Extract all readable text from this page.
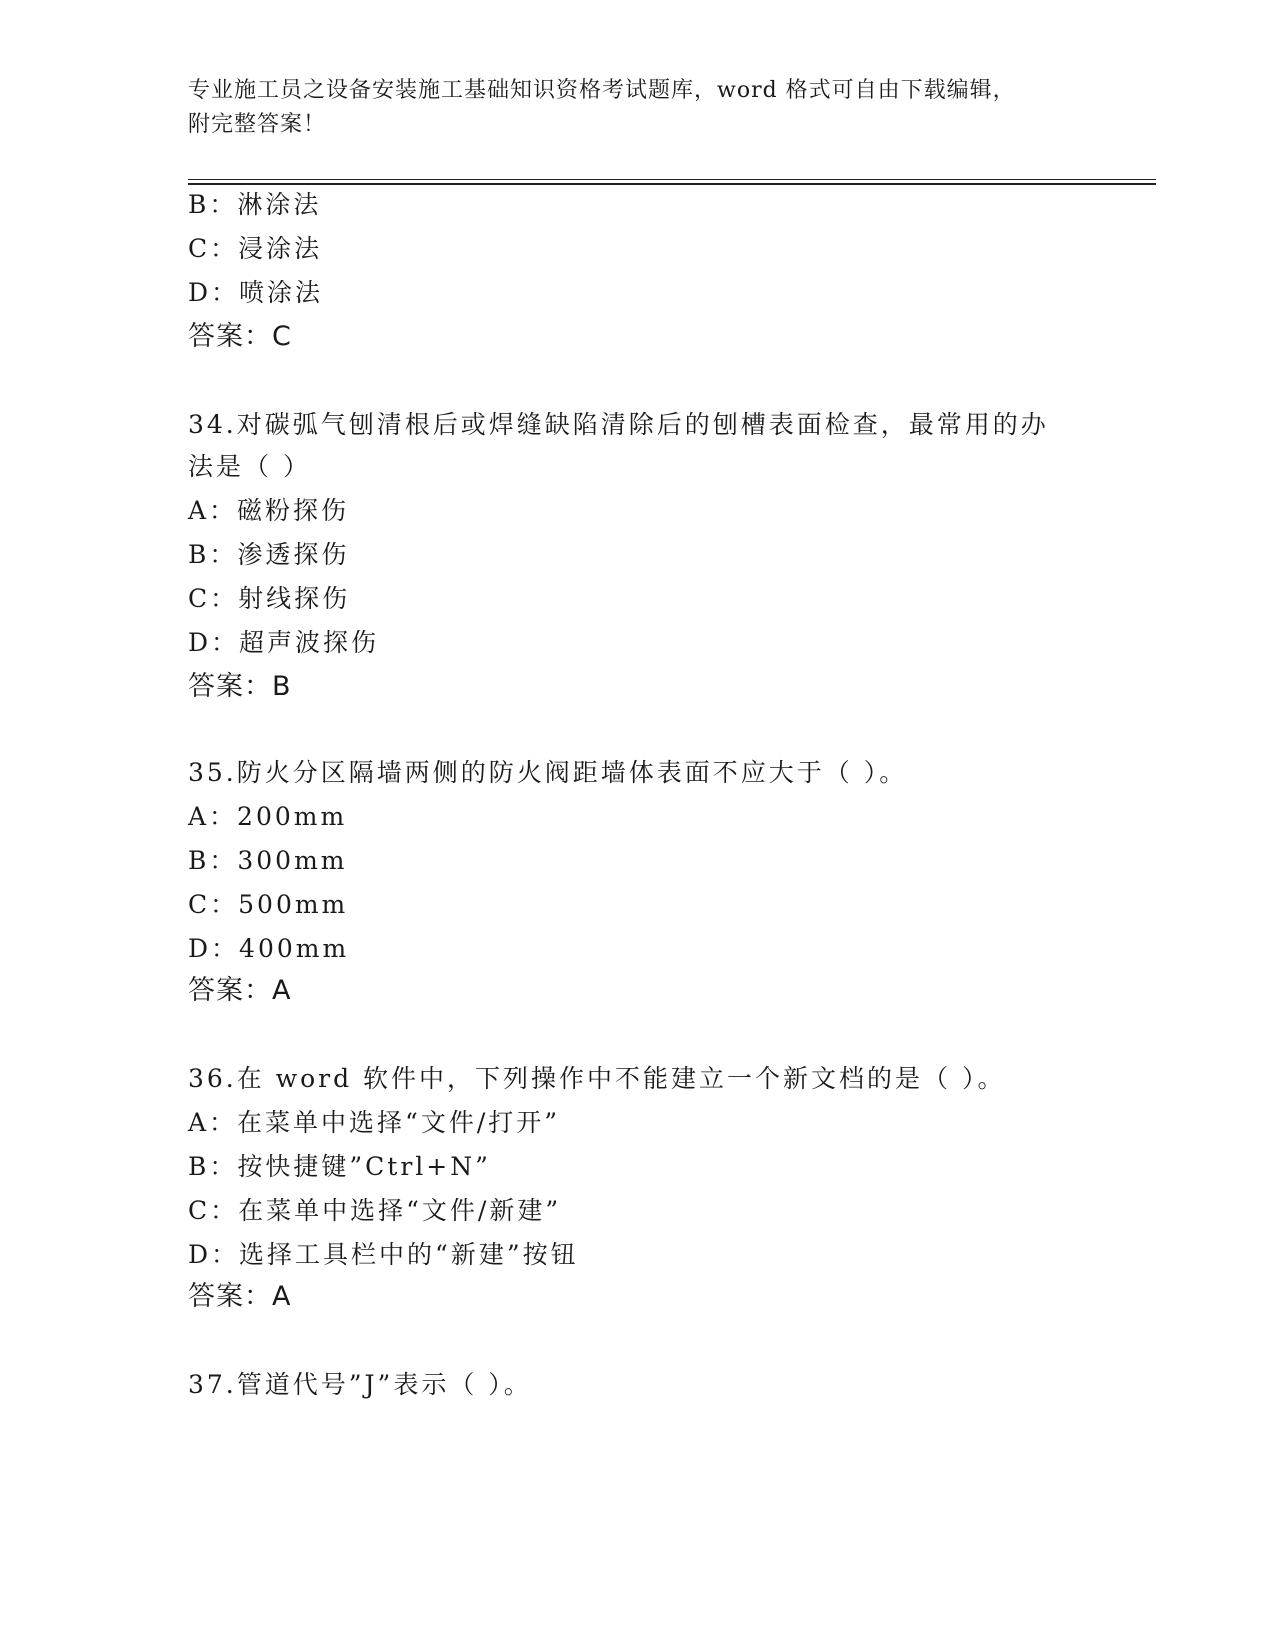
专业施工员之设备安装施工基础知识资格考试题库，word 格式可自由下载编辑，
附完整答案！
B：淋涂法
C：浸涂法
D：喷涂法
答案：C
34.对碳弧气刨清根后或焊缝缺陷清除后的刨槽表面检查，最常用的办
法是（ ）
A：磁粉探伤
B：渗透探伤
C：射线探伤
D：超声波探伤
答案：B
35.防火分区隔墙两侧的防火阀距墙体表面不应大于（ ）。
A：200mm
B：300mm
C：500mm
D：400mm
答案：A
36.在 word 软件中，下列操作中不能建立一个新文档的是（ ）。
A：在菜单中选择“文件/打开”
B：按快捷键”Ctrl+N”
C：在菜单中选择“文件/新建”
D：选择工具栏中的“新建”按钮
答案：A
37.管道代号”J”表示（ ）。
